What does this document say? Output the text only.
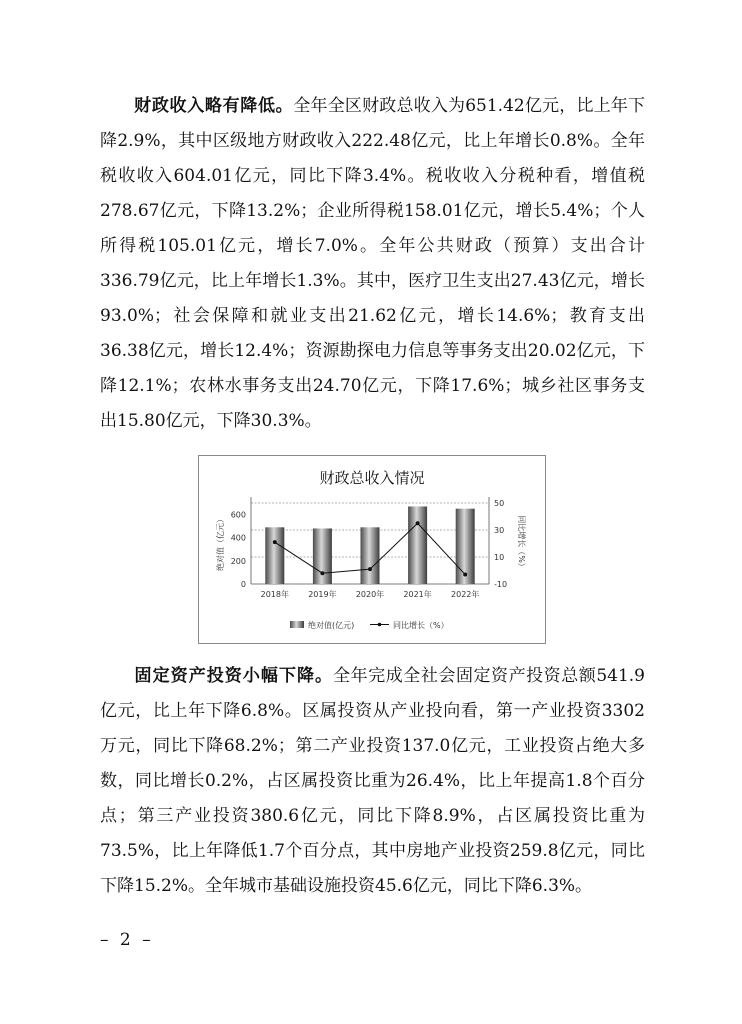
财政收入略有降低。全年全区财政总收入为651.42亿元，比上年下降2.9%，其中区级地方财政收入222.48亿元，比上年增长0.8%。全年税收收入604.01亿元，同比下降3.4%。税收收入分税种看，增值税278.67亿元，下降13.2%；企业所得税158.01亿元，增长5.4%；个人所得税105.01亿元，增长7.0%。全年公共财政（预算）支出合计336.79亿元，比上年增长1.3%。其中，医疗卫生支出27.43亿元，增长93.0%；社会保障和就业支出21.62亿元，增长14.6%；教育支出36.38亿元，增长12.4%；资源勘探电力信息等事务支出20.02亿元，下降12.1%；农林水事务支出24.70亿元，下降17.6%；城乡社区事务支出15.80亿元，下降30.3%。

财政总收入情况
0
200
400
600
-10
10
30
50
2018年 2019年 2020年 2021年 2022年
绝对值（亿元）	同比增长（%）
绝对值(亿元)	同比增长（%）

固定资产投资小幅下降。全年完成全社会固定资产投资总额541.9亿元，比上年下降6.8%。区属投资从产业投向看，第一产业投资3302万元，同比下降68.2%；第二产业投资137.0亿元，工业投资占绝大多数，同比增长0.2%，占区属投资比重为26.4%，比上年提高1.8个百分点；第三产业投资380.6亿元，同比下降8.9%，占区属投资比重为73.5%，比上年降低1.7个百分点，其中房地产业投资259.8亿元，同比下降15.2%。全年城市基础设施投资45.6亿元，同比下降6.3%。

– 2 –
